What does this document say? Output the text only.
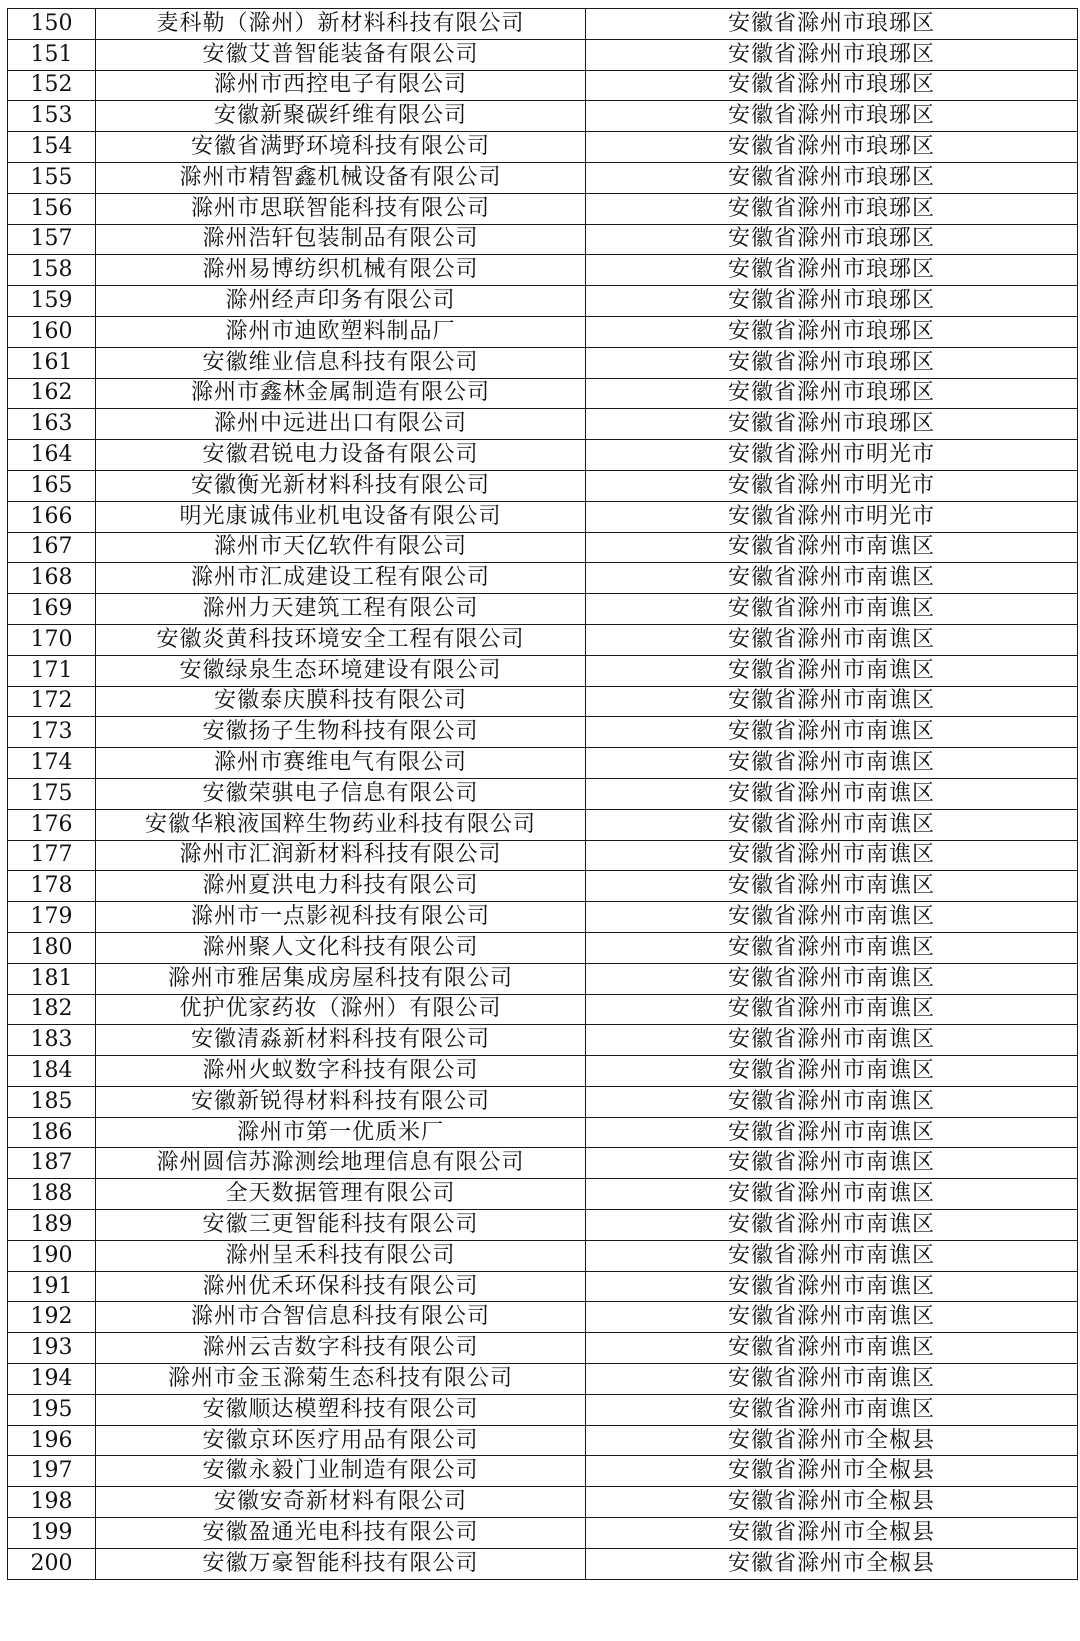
150	麦科勒（滁州）新材料科技有限公司	安徽省滁州市琅琊区
151	安徽艾普智能装备有限公司	安徽省滁州市琅琊区
152	滁州市西控电子有限公司	安徽省滁州市琅琊区
153	安徽新聚碳纤维有限公司	安徽省滁州市琅琊区
154	安徽省满野环境科技有限公司	安徽省滁州市琅琊区
155	滁州市精智鑫机械设备有限公司	安徽省滁州市琅琊区
156	滁州市思联智能科技有限公司	安徽省滁州市琅琊区
157	滁州浩轩包装制品有限公司	安徽省滁州市琅琊区
158	滁州易博纺织机械有限公司	安徽省滁州市琅琊区
159	滁州经声印务有限公司	安徽省滁州市琅琊区
160	滁州市迪欧塑料制品厂	安徽省滁州市琅琊区
161	安徽维业信息科技有限公司	安徽省滁州市琅琊区
162	滁州市鑫林金属制造有限公司	安徽省滁州市琅琊区
163	滁州中远进出口有限公司	安徽省滁州市琅琊区
164	安徽君锐电力设备有限公司	安徽省滁州市明光市
165	安徽衡光新材料科技有限公司	安徽省滁州市明光市
166	明光康诚伟业机电设备有限公司	安徽省滁州市明光市
167	滁州市天亿软件有限公司	安徽省滁州市南谯区
168	滁州市汇成建设工程有限公司	安徽省滁州市南谯区
169	滁州力天建筑工程有限公司	安徽省滁州市南谯区
170	安徽炎黄科技环境安全工程有限公司	安徽省滁州市南谯区
171	安徽绿泉生态环境建设有限公司	安徽省滁州市南谯区
172	安徽泰庆膜科技有限公司	安徽省滁州市南谯区
173	安徽扬子生物科技有限公司	安徽省滁州市南谯区
174	滁州市赛维电气有限公司	安徽省滁州市南谯区
175	安徽荣骐电子信息有限公司	安徽省滁州市南谯区
176	安徽华粮液国粹生物药业科技有限公司	安徽省滁州市南谯区
177	滁州市汇润新材料科技有限公司	安徽省滁州市南谯区
178	滁州夏洪电力科技有限公司	安徽省滁州市南谯区
179	滁州市一点影视科技有限公司	安徽省滁州市南谯区
180	滁州聚人文化科技有限公司	安徽省滁州市南谯区
181	滁州市雅居集成房屋科技有限公司	安徽省滁州市南谯区
182	优护优家药妆（滁州）有限公司	安徽省滁州市南谯区
183	安徽清淼新材料科技有限公司	安徽省滁州市南谯区
184	滁州火蚁数字科技有限公司	安徽省滁州市南谯区
185	安徽新锐得材料科技有限公司	安徽省滁州市南谯区
186	滁州市第一优质米厂	安徽省滁州市南谯区
187	滁州圆信苏滁测绘地理信息有限公司	安徽省滁州市南谯区
188	全天数据管理有限公司	安徽省滁州市南谯区
189	安徽三更智能科技有限公司	安徽省滁州市南谯区
190	滁州呈禾科技有限公司	安徽省滁州市南谯区
191	滁州优禾环保科技有限公司	安徽省滁州市南谯区
192	滁州市合智信息科技有限公司	安徽省滁州市南谯区
193	滁州云吉数字科技有限公司	安徽省滁州市南谯区
194	滁州市金玉滁菊生态科技有限公司	安徽省滁州市南谯区
195	安徽顺达模塑科技有限公司	安徽省滁州市南谯区
196	安徽京环医疗用品有限公司	安徽省滁州市全椒县
197	安徽永毅门业制造有限公司	安徽省滁州市全椒县
198	安徽安奇新材料有限公司	安徽省滁州市全椒县
199	安徽盈通光电科技有限公司	安徽省滁州市全椒县
200	安徽万豪智能科技有限公司	安徽省滁州市全椒县
